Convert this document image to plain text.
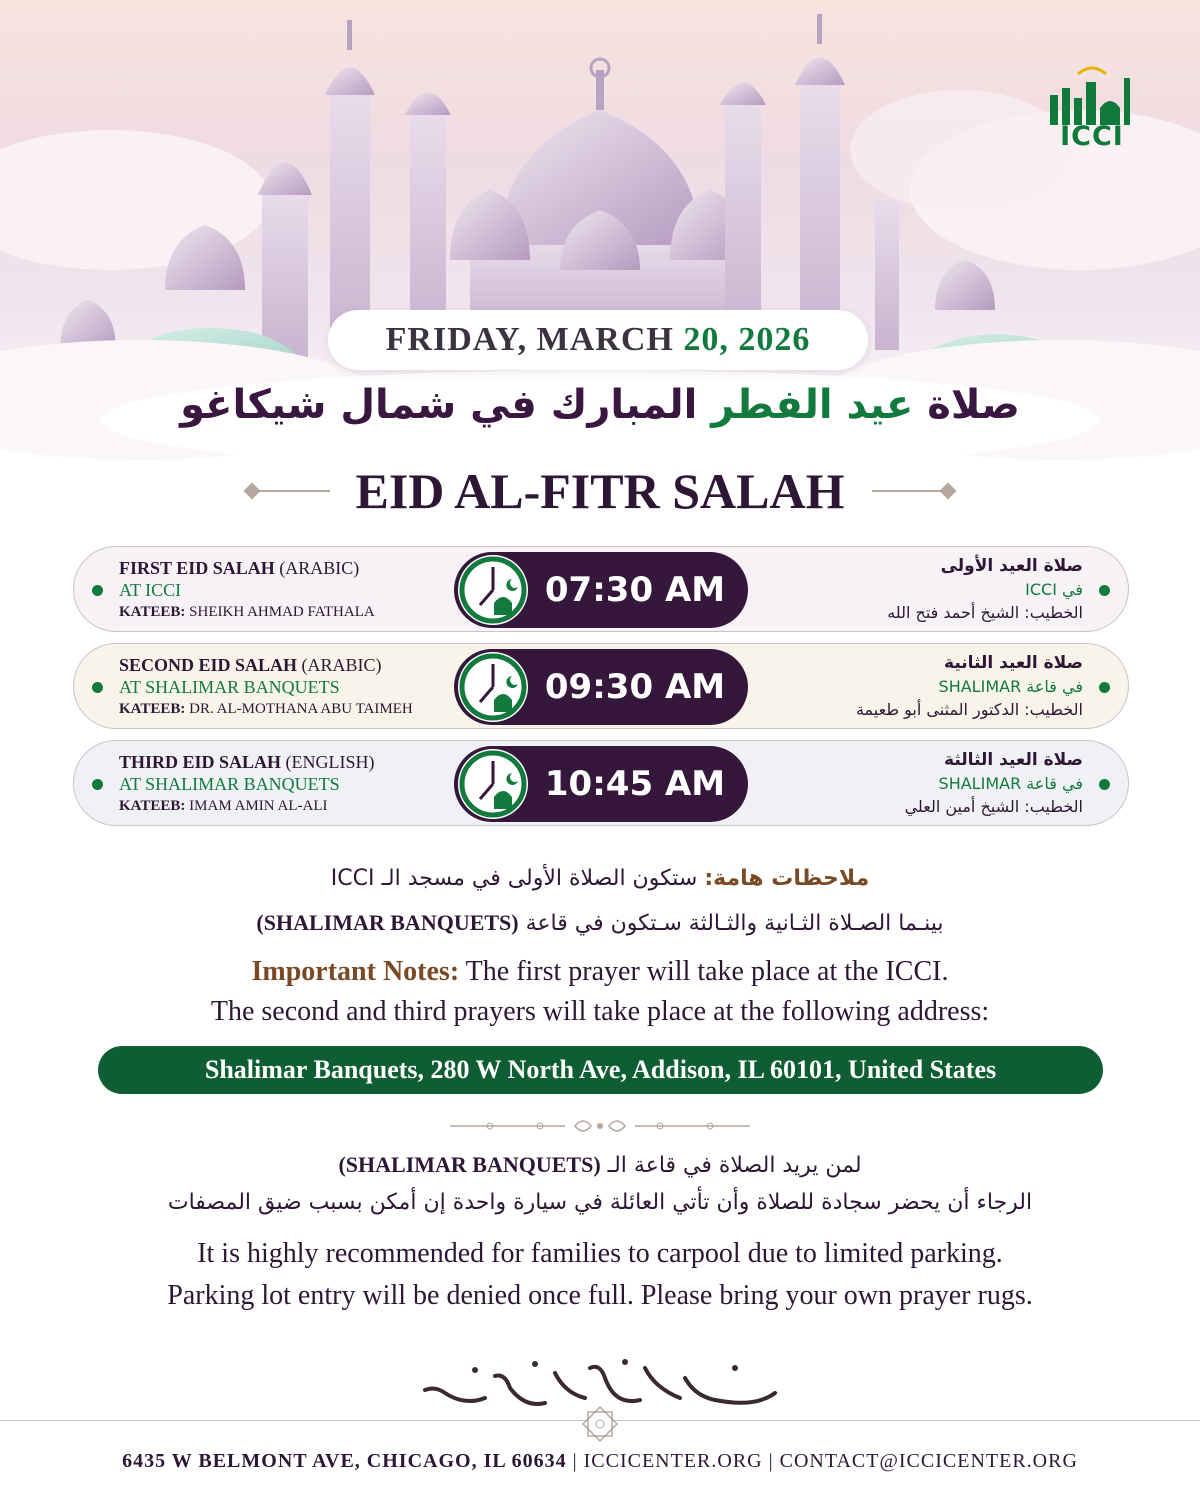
ICCI
FRIDAY, MARCH 20, 2026
صلاة عيد الفطر المبارك في شمال شيكاغو
EID AL-FITR SALAH
FIRST EID SALAH (ARABIC)
AT ICCI
KATEEB: SHEIKH AHMAD FATHALA
07:30 AM
صلاة العيد الأولى
في ICCI
الخطيب: الشيخ أحمد فتح الله
SECOND EID SALAH (ARABIC)
AT SHALIMAR BANQUETS
KATEEB: DR. AL-MOTHANA ABU TAIMEH
09:30 AM
صلاة العيد الثانية
في قاعة SHALIMAR
الخطيب: الدكتور المثنى أبو طعيمة
THIRD EID SALAH (ENGLISH)
AT SHALIMAR BANQUETS
KATEEB: IMAM AMIN AL-ALI
10:45 AM
صلاة العيد الثالثة
في قاعة SHALIMAR
الخطيب: الشيخ أمين العلي
ملاحظات هامة: ستكون الصلاة الأولى في مسجد الـ ICCI
بينـما الصـلاة الثـانية والثـالثة سـتكون في قاعة (SHALIMAR BANQUETS)
Important Notes: The first prayer will take place at the ICCI.
The second and third prayers will take place at the following address:
Shalimar Banquets, 280 W North Ave, Addison, IL 60101, United States
لمن يريد الصلاة في قاعة الـ (SHALIMAR BANQUETS)
الرجاء أن يحضر سجادة للصلاة وأن تأتي العائلة في سيارة واحدة إن أمكن بسبب ضيق المصفات
It is highly recommended for families to carpool due to limited parking.
Parking lot entry will be denied once full. Please bring your own prayer rugs.
6435 W BELMONT AVE, CHICAGO, IL 60634 | ICCICENTER.ORG | CONTACT@ICCICENTER.ORG
